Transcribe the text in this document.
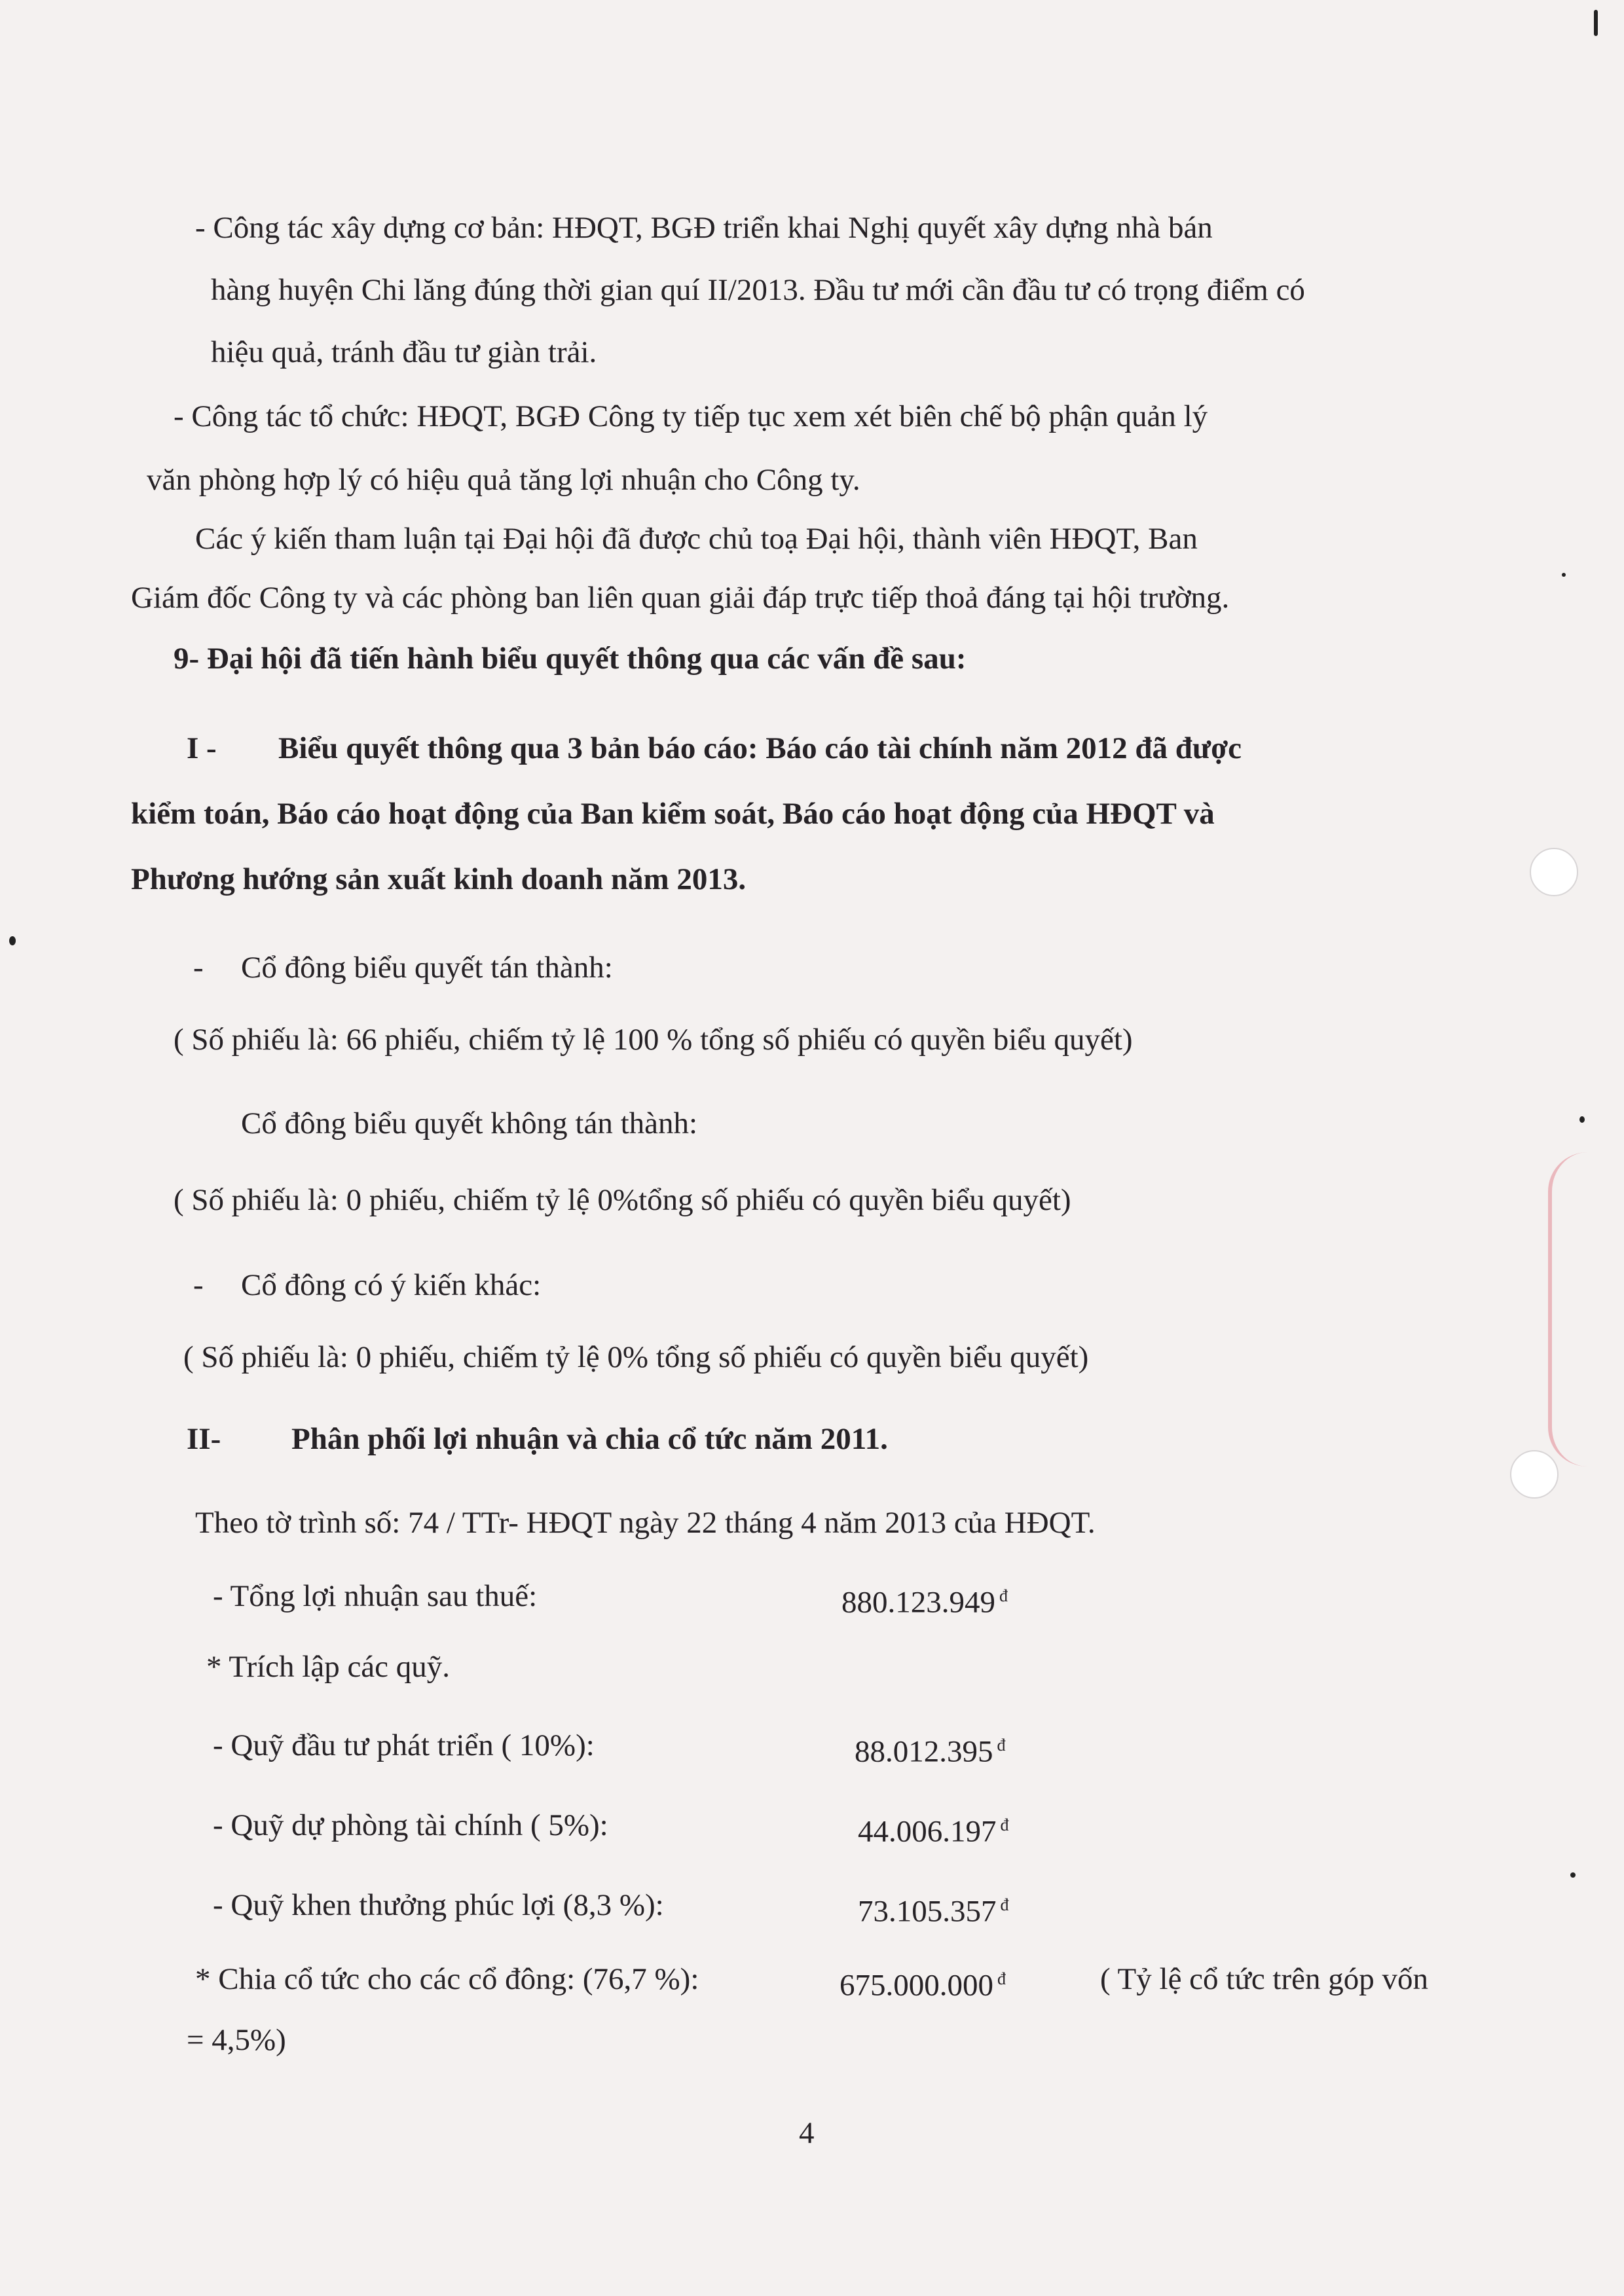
- Công tác xây dựng cơ bản: HĐQT, BGĐ triển khai Nghị quyết xây dựng nhà bán
hàng huyện Chi lăng đúng thời gian quí II/2013. Đầu tư mới cần đầu tư có trọng điểm có
hiệu quả, tránh đầu tư giàn trải.
- Công tác tổ chức: HĐQT, BGĐ Công ty tiếp tục xem xét biên chế bộ phận quản lý
văn phòng hợp lý có hiệu quả tăng lợi nhuận cho Công ty.
Các ý kiến tham luận tại Đại hội đã được chủ toạ Đại hội, thành viên HĐQT, Ban
Giám đốc Công ty và các phòng ban liên quan giải đáp trực tiếp thoả đáng tại hội trường.
9- Đại hội đã tiến hành biểu quyết thông qua các vấn đề sau:
I - Biểu quyết thông qua 3 bản báo cáo: Báo cáo tài chính năm 2012 đã được
kiểm toán, Báo cáo hoạt động của Ban kiểm soát, Báo cáo hoạt động của HĐQT và
Phương hướng sản xuất kinh doanh năm 2013.
- Cổ đông biểu quyết tán thành:
( Số phiếu là: 66 phiếu, chiếm tỷ lệ 100 % tổng số phiếu có quyền biểu quyết)
Cổ đông biểu quyết không tán thành:
( Số phiếu là: 0 phiếu, chiếm tỷ lệ 0%tổng số phiếu có quyền biểu quyết)
- Cổ đông có ý kiến khác:
( Số phiếu là: 0 phiếu, chiếm tỷ lệ 0% tổng số phiếu có quyền biểu quyết)
II- Phân phối lợi nhuận và chia cổ tức năm 2011.
Theo tờ trình số: 74 / TTr- HĐQT ngày 22 tháng 4 năm 2013 của HĐQT.
- Tổng lợi nhuận sau thuế:	880.123.949 $^đ$
* Trích lập các quỹ.
- Quỹ đầu tư phát triển ( 10%):	88.012.395 $^đ$
- Quỹ dự phòng tài chính ( 5%):	44.006.197 $^đ$
- Quỹ khen thưởng phúc lợi (8,3 %):	73.105.357 $^đ$
* Chia cổ tức cho các cổ đông: (76,7 %):	675.000.000 $^đ$	( Tỷ lệ cổ tức trên góp vốn
= 4,5%)
4
